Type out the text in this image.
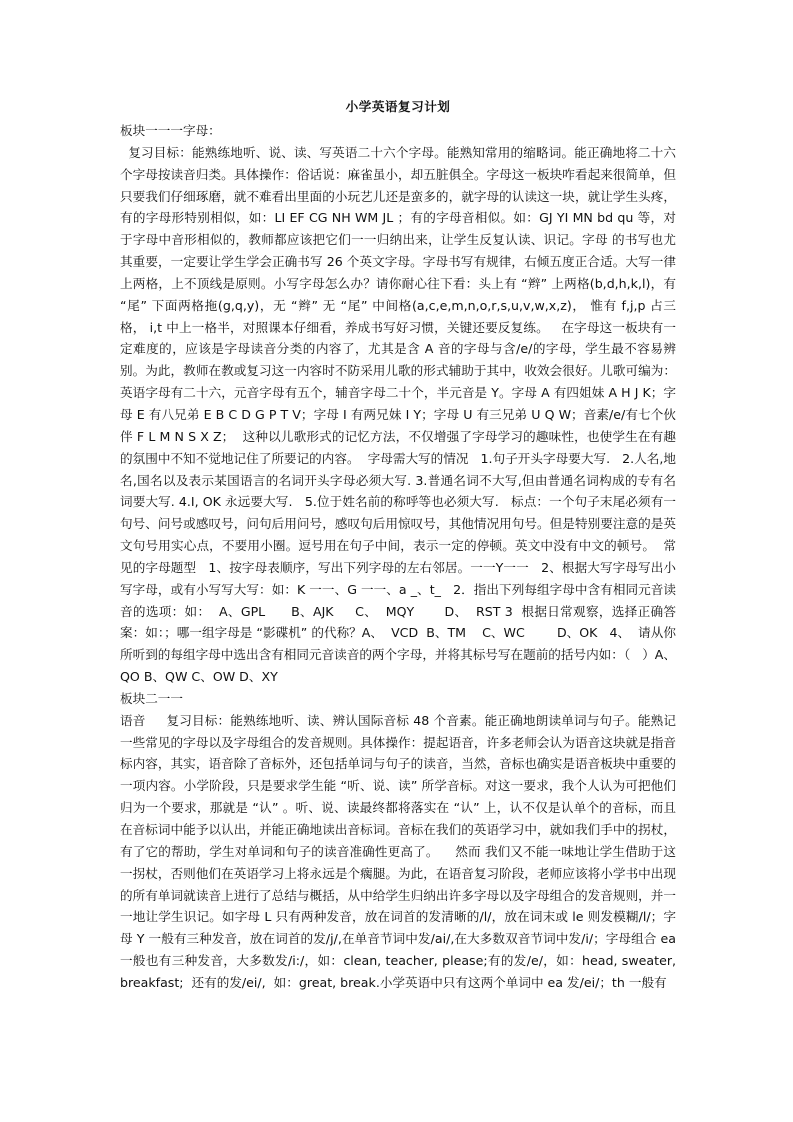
小学英语复习计划
板块一一一字母：

复习目标：能熟练地听、说、读、写英语二十六个字母。能熟知常用的缩略词。能正确地将二十六个字母按读音归类。具体操作：俗话说：麻雀虽小，却五脏俱全。字母这一板块咋看起来很简单，但只要我们仔细琢磨，就不难看出里面的小玩艺儿还是蛮多的，就字母的认读这一块，就让学生头疼，有的字母形特别相似，如：LI EF CG NH WM JL ；有的字母音相似。如：GJ YI MN bd qu 等，对于字母中音形相似的，教师都应该把它们一一归纳出来，让学生反复认读、识记。字母 的书写也尤其重要，一定要让学生学会正确书写 26 个英文字母。字母书写有规律，右倾五度正合适。大写一律上两格，上不顶线是原则。小写字母怎么办？请你耐心往下看：头上有 “辫” 上两格(b,d,h,k,l)，有 “尾” 下面两格拖(g,q,y)，无 “辫” 无 “尾” 中间格(a,c,e,m,n,o,r,s,u,v,w,x,z)， 惟有 f,j,p 占三格， i,t 中上一格半，对照课本仔细看，养成书写好习惯，关键还要反复练。   在字母这一板块有一定难度的，应该是字母读音分类的内容了，尤其是含 A 音的字母与含/e/的字母，学生最不容易辨别。为此，教师在教或复习这一内容时不防采用儿歌的形式辅助于其中，收效会很好。儿歌可编为：英语字母有二十六，元音字母有五个，辅音字母二十个，半元音是 Y。字母 A 有四姐妹 A H J K；字母 E 有八兄弟 E B C D G P T V；字母 I 有两兄妹 I Y；字母 U 有三兄弟 U Q W；音素/e/有七个伙伴 F L M N S X Z；  这种以儿歌形式的记忆方法，不仅增强了字母学习的趣味性，也使学生在有趣的氛围中不知不觉地记住了所要记的内容。  字母需大写的情况   1.句子开头字母要大写.   2.人名,地名,国名以及表示某国语言的名词开头字母必须大写. 3.普通名词不大写,但由普通名词构成的专有名词要大写. 4.I, OK 永远要大写.   5.位于姓名前的称呼等也必须大写.   标点：一个句子末尾必须有一句号、问号或感叹号，问句后用问号，感叹句后用惊叹号，其他情况用句号。但是特别要注意的是英文句号用实心点，不要用小圈。逗号用在句子中间，表示一定的停顿。英文中没有中文的顿号。  常见的字母题型   1、按字母表顺序，写出下列字母的左右邻居。一一Y一一   2、根据大写字母写出小写字母，或有小写写大写：如：K 一一、G 一一、a _、t_   2．指出下列每组字母中含有相同元音读音的选项：如：  A、GPL      B、AJK     C、  MQY       D、  RST 3  根据日常观察，选择正确答案：如：；哪一组字母是 “影碟机” 的代称？A、  VCD  B、TM    C、WC        D、OK   4、  请从你所听到的每组字母中选出含有相同元音读音的两个字母，并将其标号写在题前的括号内如：（   ）A、QO B、QW C、OW D、XY

板块二一一

语音     复习目标：能熟练地听、读、辨认国际音标 48 个音素。能正确地朗读单词与句子。能熟记一些常见的字母以及字母组合的发音规则。具体操作：提起语音，许多老师会认为语音这块就是指音标内容，其实，语音除了音标外，还包括单词与句子的读音，当然，音标也确实是语音板块中重要的一项内容。小学阶段，只是要求学生能 “听、说、读” 所学音标。对这一要求，我个人认为可把他们归为一个要求，那就是 “认” 。听、说、读最终都将落实在 “认” 上，认不仅是认单个的音标，而且在音标词中能予以认出，并能正确地读出音标词。音标在我们的英语学习中，就如我们手中的拐杖，有了它的帮助，学生对单词和句子的读音准确性更高了。    然而 我们又不能一味地让学生借助于这一拐杖，否则他们在英语学习上将永远是个瘸腿。为此，在语音复习阶段，老师应该将小学书中出现的所有单词就读音上进行了总结与概括，从中给学生归纳出许多字母以及字母组合的发音规则，并一一地让学生识记。如字母 L 只有两种发音，放在词首的发清晰的/l/，放在词末或 le 则发模糊/l/；字母 Y 一般有三种发音，放在词首的发/j/,在单音节词中发/ai/,在大多数双音节词中发/i/；字母组合 ea 一般也有三种发音，大多数发/i:/，如：clean, teacher, please;有的发/e/，如：head, sweater, breakfast;  还有的发/ei/,  如：great, break.小学英语中只有这两个单词中 ea 发/ei/；th 一般有
